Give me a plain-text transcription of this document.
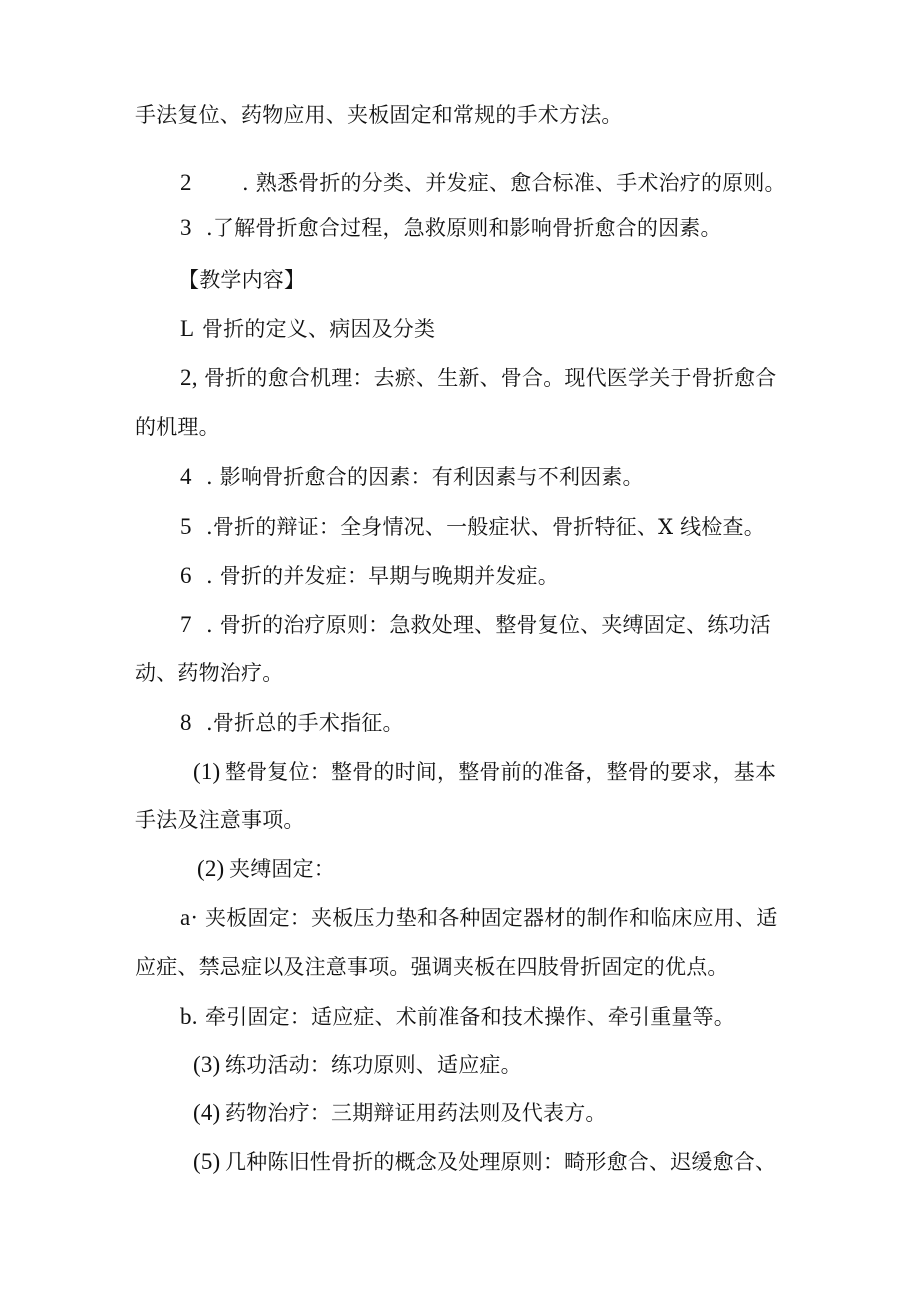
手法复位、药物应用、夹板固定和常规的手术方法。
2 . 熟悉骨折的分类、并发症、愈合标准、手术治疗的原则。
3 .了解骨折愈合过程，急救原则和影响骨折愈合的因素。
【教学内容】
L 骨折的定义、病因及分类
2, 骨折的愈合机理：去瘀、生新、骨合。现代医学关于骨折愈合
的机理。
4 . 影响骨折愈合的因素：有利因素与不利因素。
5 .骨折的辩证：全身情况、一般症状、骨折特征、X 线检查。
6 . 骨折的并发症：早期与晚期并发症。
7 . 骨折的治疗原则：急救处理、整骨复位、夹缚固定、练功活
动、药物治疗。
8 .骨折总的手术指征。
(1) 整骨复位：整骨的时间，整骨前的准备，整骨的要求，基本
手法及注意事项。
(2) 夹缚固定：
a· 夹板固定：夹板压力垫和各种固定器材的制作和临床应用、适
应症、禁忌症以及注意事项。强调夹板在四肢骨折固定的优点。
b. 牵引固定：适应症、术前准备和技术操作、牵引重量等。
(3) 练功活动：练功原则、适应症。
(4) 药物治疗：三期辩证用药法则及代表方。
(5) 几种陈旧性骨折的概念及处理原则：畸形愈合、迟缓愈合、
